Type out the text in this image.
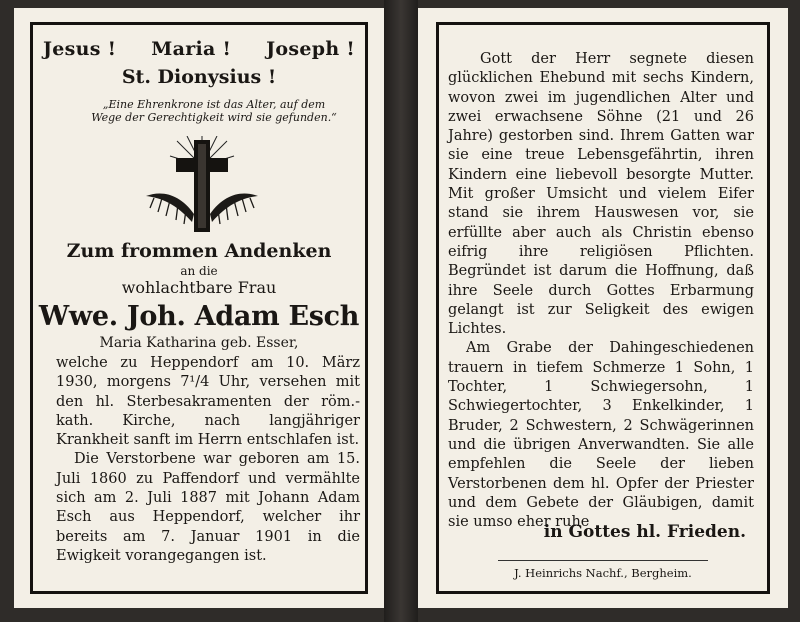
Jesus ! Maria ! Joseph !
St. Dionysius !
„Eine Ehrenkrone ist das Alter, auf dem
Wege der Gerechtigkeit wird sie gefunden.“
Zum frommen Andenken
an die
wohlachtbare Frau
Wwe. Joh. Adam Esch
Maria Katharina geb. Esser,

welche zu Heppendorf am 10. März 1930, morgens 7¹/4 Uhr, versehen mit den hl. Sterbesakramenten der röm.-kath. Kirche, nach langjähriger Krankheit sanft im Herrn entschlafen ist.

Die Verstorbene war geboren am 15. Juli 1860 zu Paffendorf und vermählte sich am 2. Juli 1887 mit Johann Adam Esch aus Heppendorf, welcher ihr bereits am 7. Januar 1901 in die Ewigkeit vorangegangen ist.

Gott der Herr segnete diesen glücklichen Ehebund mit sechs Kindern, wovon zwei im jugendlichen Alter und zwei erwachsene Söhne (21 und 26 Jahre) gestorben sind. Ihrem Gatten war sie eine treue Lebensgefährtin, ihren Kindern eine liebevoll besorgte Mutter. Mit großer Umsicht und vielem Eifer stand sie ihrem Hauswesen vor, sie erfüllte aber auch als Christin ebenso eifrig ihre religiösen Pflichten. Begründet ist darum die Hoffnung, daß ihre Seele durch Gottes Erbarmung gelangt ist zur Seligkeit des ewigen Lichtes.

Am Grabe der Dahingeschiedenen trauern in tiefem Schmerze 1 Sohn, 1 Tochter, 1 Schwiegersohn, 1 Schwiegertochter, 3 Enkelkinder, 1 Bruder, 2 Schwestern, 2 Schwägerinnen und die übrigen Anverwandten. Sie alle empfehlen die Seele der lieben Verstorbenen dem hl. Opfer der Priester und dem Gebete der Gläubigen, damit sie umso eher ruhe

in Gottes hl. Frieden.
J. Heinrichs Nachf., Bergheim.
